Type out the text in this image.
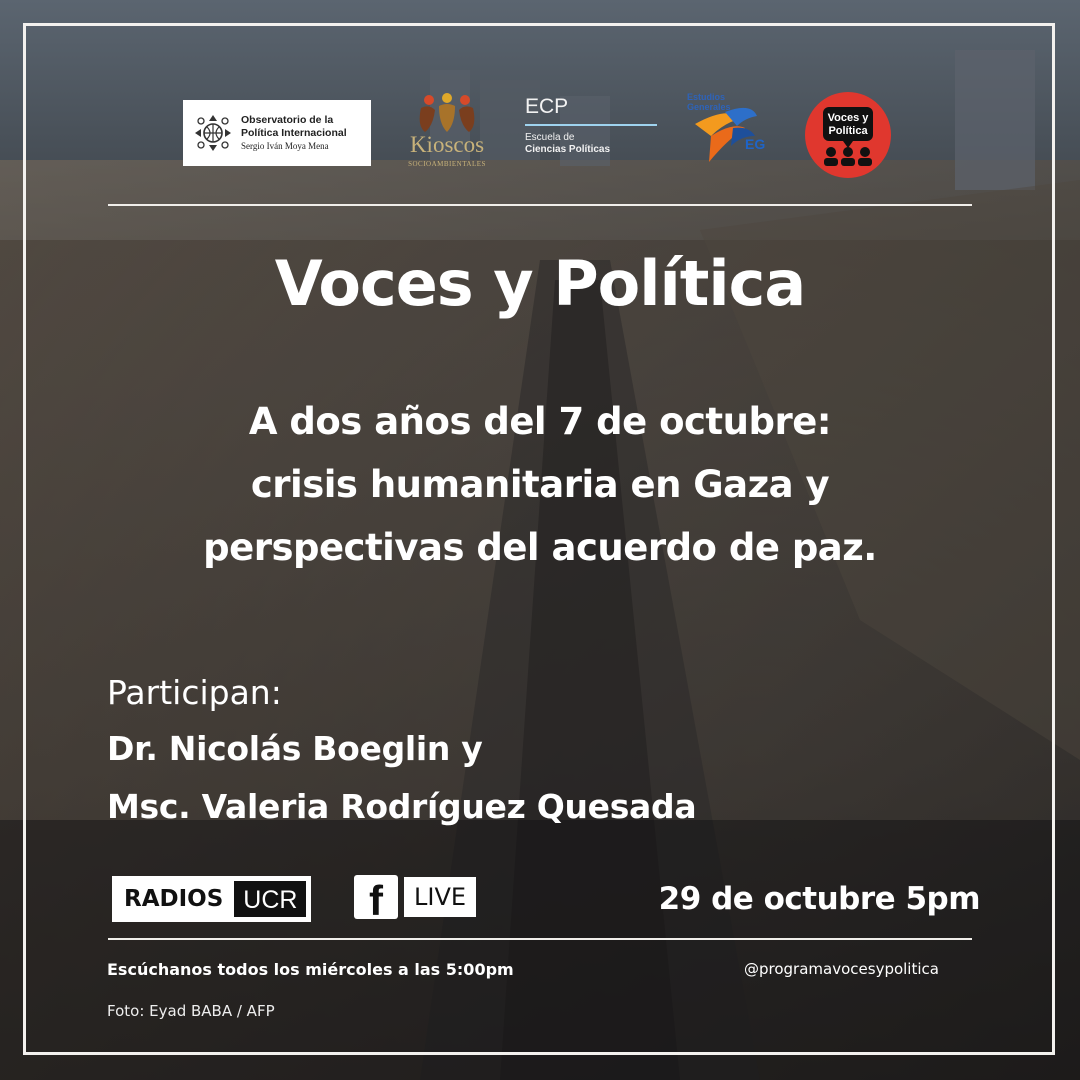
Observatorio de la
Política Internacional
Sergio Iván Moya Mena	Kioscos
SOCIOAMBIENTALES
ECP
Escuela de
Ciencias Políticas
Estudios
Generales
EG
Voces y
Política
Voces y Política
A dos años del 7 de octubre:
crisis humanitaria en Gaza y
perspectivas del acuerdo de paz.
Participan:
Dr. Nicolás Boeglin y
Msc. Valeria Rodríguez Quesada
RADIOS UCR f	LIVE	29 de octubre 5pm
Escúchanos todos los miércoles a las 5:00pm	@programavocesypolitica
Foto: Eyad BABA / AFP
